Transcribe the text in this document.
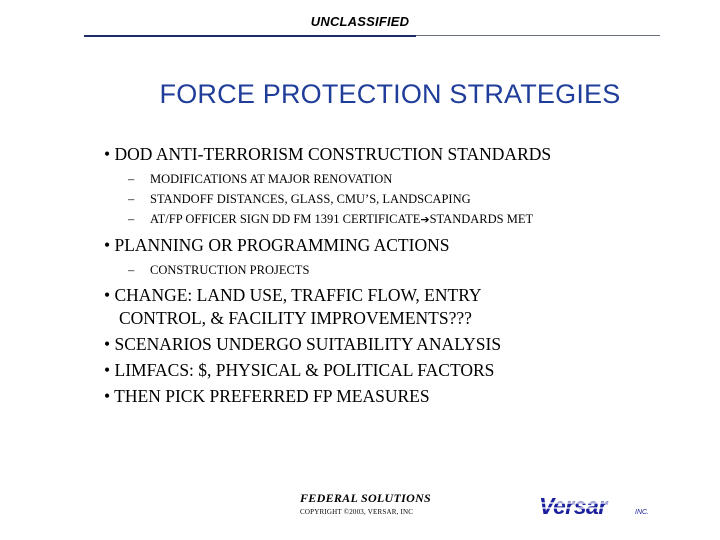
UNCLASSIFIED
FORCE PROTECTION STRATEGIES
• DOD ANTI-TERRORISM CONSTRUCTION STANDARDS
– MODIFICATIONS AT MAJOR RENOVATION
– STANDOFF DISTANCES, GLASS, CMU’S, LANDSCAPING
– AT/FP OFFICER SIGN DD FM 1391 CERTIFICATE➔STANDARDS MET
• PLANNING OR PROGRAMMING ACTIONS
– CONSTRUCTION PROJECTS
• CHANGE: LAND USE, TRAFFIC FLOW, ENTRY
CONTROL, & FACILITY IMPROVEMENTS???
• SCENARIOS UNDERGO SUITABILITY ANALYSIS
• LIMFACS: $, PHYSICAL & POLITICAL FACTORS
• THEN PICK PREFERRED FP MEASURES
FEDERAL SOLUTIONS
COPYRIGHT ©2003, VERSAR, INC	Versar	INC.
